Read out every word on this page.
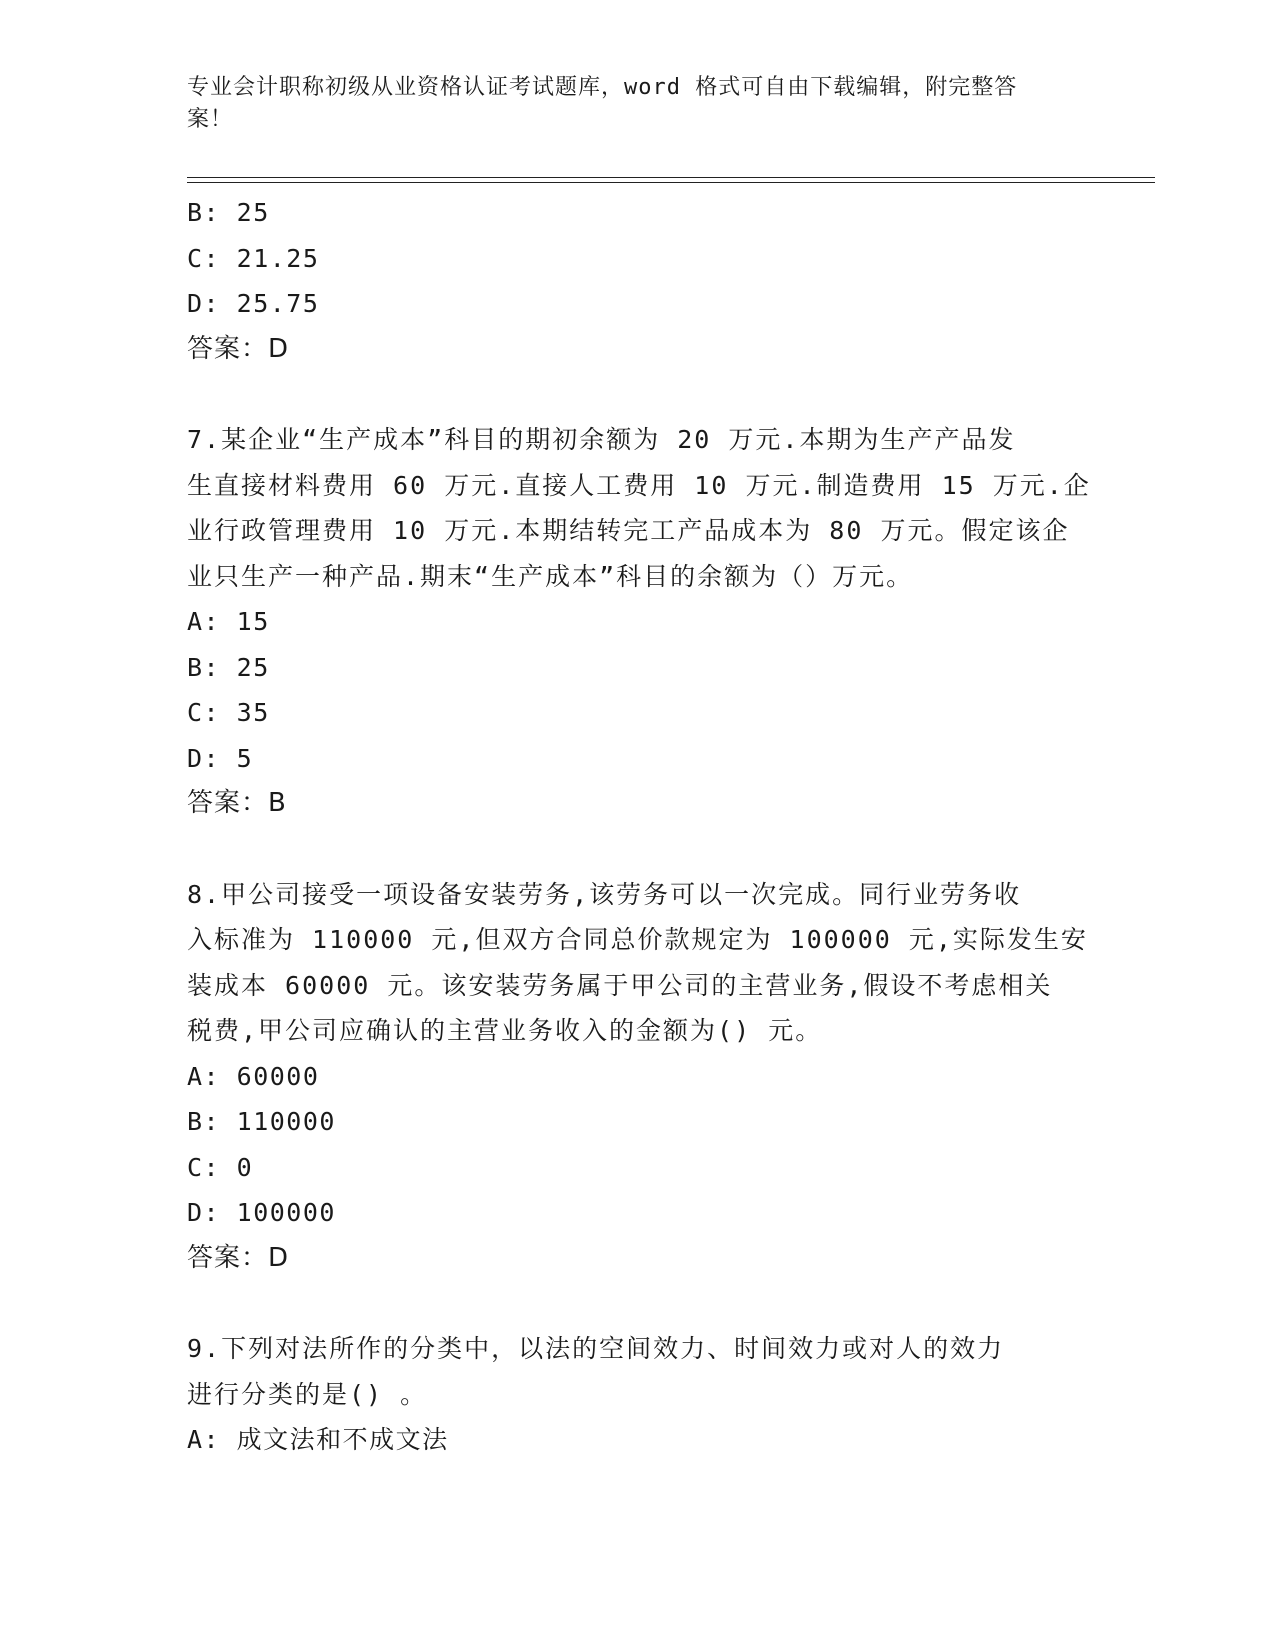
专业会计职称初级从业资格认证考试题库，word 格式可自由下载编辑，附完整答
案！
B: 25
C: 21.25
D: 25.75
答案：D
7.某企业“生产成本”科目的期初余额为 20 万元.本期为生产产品发
生直接材料费用 60 万元.直接人工费用 10 万元.制造费用 15 万元.企
业行政管理费用 10 万元.本期结转完工产品成本为 80 万元。假定该企
业只生产一种产品.期末“生产成本”科目的余额为（）万元。
A: 15
B: 25
C: 35
D: 5
答案：B
8.甲公司接受一项设备安装劳务,该劳务可以一次完成。同行业劳务收
入标准为 110000 元,但双方合同总价款规定为 100000 元,实际发生安
装成本 60000 元。该安装劳务属于甲公司的主营业务,假设不考虑相关
税费,甲公司应确认的主营业务收入的金额为() 元。
A: 60000
B: 110000
C: 0
D: 100000
答案：D
9.下列对法所作的分类中，以法的空间效力、时间效力或对人的效力
进行分类的是() 。
A: 成文法和不成文法
